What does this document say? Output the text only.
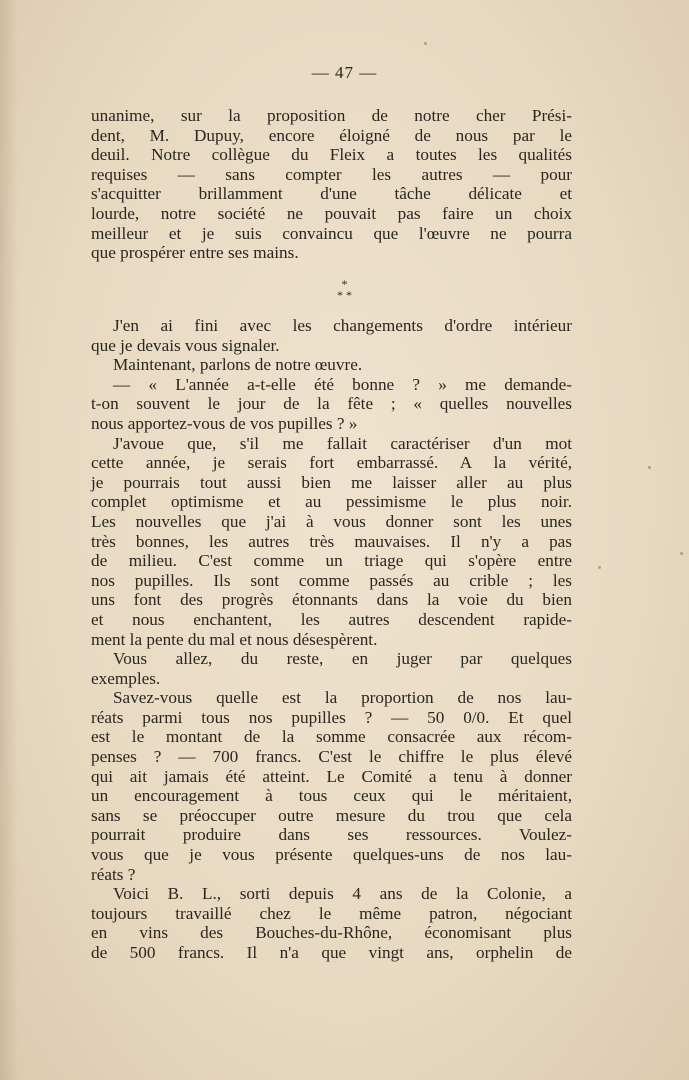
— 47 —
unanime, sur la proposition de notre cher Prési-
dent, M. Dupuy, encore éloigné de nous par le
deuil. Notre collègue du Fleix a toutes les qualités
requises — sans compter les autres — pour
s'acquitter brillamment d'une tâche délicate et
lourde, notre société ne pouvait pas faire un choix
meilleur et je suis convaincu que l'œuvre ne pourra
que prospérer entre ses mains.
*
* *
J'en ai fini avec les changements d'ordre intérieur
que je devais vous signaler.
Maintenant, parlons de notre œuvre.
— « L'année a-t-elle été bonne ? » me demande-
t-on souvent le jour de la fête ; « quelles nouvelles
nous apportez-vous de vos pupilles ? »
J'avoue que, s'il me fallait caractériser d'un mot
cette année, je serais fort embarrassé. A la vérité,
je pourrais tout aussi bien me laisser aller au plus
complet optimisme et au pessimisme le plus noir.
Les nouvelles que j'ai à vous donner sont les unes
très bonnes, les autres très mauvaises. Il n'y a pas
de milieu. C'est comme un triage qui s'opère entre
nos pupilles. Ils sont comme passés au crible ; les
uns font des progrès étonnants dans la voie du bien
et nous enchantent, les autres descendent rapide-
ment la pente du mal et nous désespèrent.
Vous allez, du reste, en juger par quelques
exemples.
Savez-vous quelle est la proportion de nos lau-
réats parmi tous nos pupilles ? — 50 0/0. Et quel
est le montant de la somme consacrée aux récom-
penses ? — 700 francs. C'est le chiffre le plus élevé
qui ait jamais été atteint. Le Comité a tenu à donner
un encouragement à tous ceux qui le méritaient,
sans se préoccuper outre mesure du trou que cela
pourrait produire dans ses ressources. Voulez-
vous que je vous présente quelques-uns de nos lau-
réats ?
Voici B. L., sorti depuis 4 ans de la Colonie, a
toujours travaillé chez le même patron, négociant
en vins des Bouches-du-Rhône, économisant plus
de 500 francs. Il n'a que vingt ans, orphelin de
